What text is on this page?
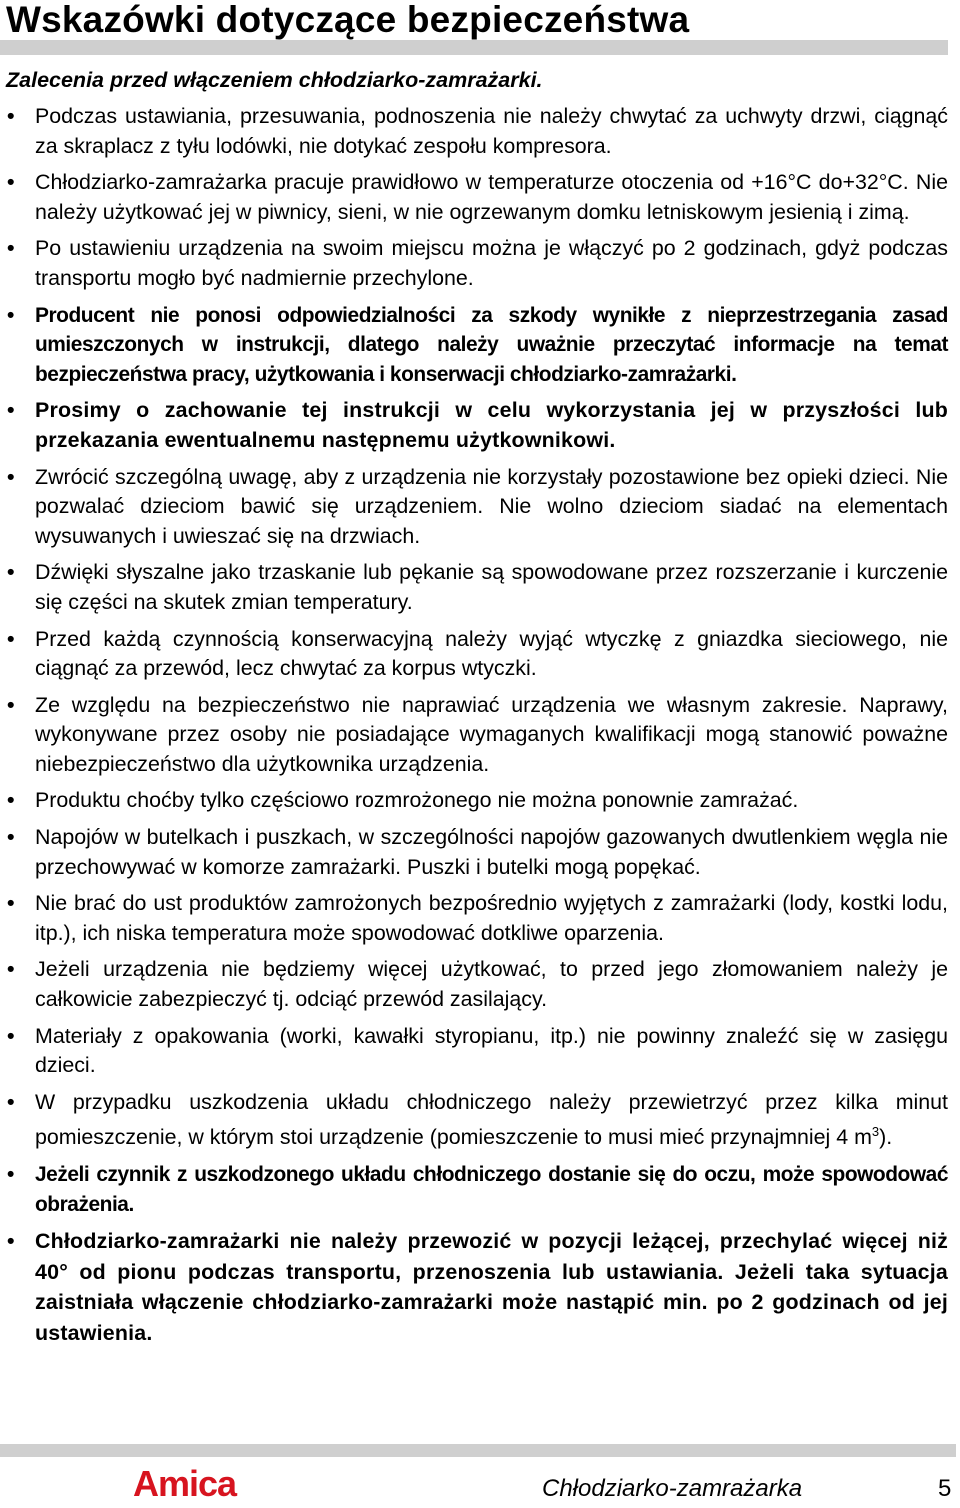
Wskazówki dotyczące bezpieczeństwa
Zalecenia przed włączeniem chłodziarko-zamrażarki.
• Podczas ustawiania, przesuwania, podnoszenia nie należy chwytać za uchwyty drzwi, ciągnąć za skraplacz z tyłu lodówki, nie dotykać zespołu kompresora.
• Chłodziarko-zamrażarka pracuje prawidłowo w temperaturze otoczenia od +16°C do+32°C. Nie należy użytkować jej w piwnicy, sieni, w nie ogrzewanym domku letniskowym jesienią i zimą.
• Po ustawieniu urządzenia na swoim miejscu można je włączyć po 2 godzinach, gdyż podczas transportu mogło być nadmiernie przechylone.
• Producent nie ponosi odpowiedzialności za szkody wynikłe z nieprzestrzegania zasad umieszczonych w instrukcji, dlatego należy uważnie przeczytać informacje na temat bezpieczeństwa pracy, użytkowania i konserwacji chłodziarko-zamrażarki.
• Prosimy o zachowanie tej instrukcji w celu wykorzystania jej w przyszłości lub przekazania ewentualnemu następnemu użytkownikowi.
• Zwrócić szczególną uwagę, aby z urządzenia nie korzystały pozostawione bez opieki dzieci. Nie pozwalać dzieciom bawić się urządzeniem. Nie wolno dzieciom siadać na elementach wysuwanych i uwieszać się na drzwiach.
• Dźwięki słyszalne jako trzaskanie lub pękanie są spowodowane przez rozszerzanie i kurczenie się części na skutek zmian temperatury.
• Przed każdą czynnością konserwacyjną należy wyjąć wtyczkę z gniazdka sieciowego, nie ciągnąć za przewód, lecz chwytać za korpus wtyczki.
• Ze względu na bezpieczeństwo nie naprawiać urządzenia we własnym zakresie. Naprawy, wykonywane przez osoby nie posiadające wymaganych kwalifikacji mogą stanowić poważne niebezpieczeństwo dla użytkownika urządzenia.
• Produktu choćby tylko częściowo rozmrożonego nie można ponownie zamrażać.
• Napojów w butelkach i puszkach, w szczególności napojów gazowanych dwutlenkiem węgla nie przechowywać w komorze zamrażarki. Puszki i butelki mogą popękać.
• Nie brać do ust produktów zamrożonych bezpośrednio wyjętych z zamrażarki (lody, kostki lodu, itp.), ich niska temperatura może spowodować dotkliwe oparzenia.
• Jeżeli urządzenia nie będziemy więcej użytkować, to przed jego złomowaniem należy je całkowicie zabezpieczyć tj. odciąć przewód zasilający.
• Materiały z opakowania (worki, kawałki styropianu, itp.) nie powinny znaleźć się w zasięgu dzieci.
• W przypadku uszkodzenia układu chłodniczego należy przewietrzyć przez kilka minut pomieszczenie, w którym stoi urządzenie (pomieszczenie to musi mieć przynajmniej 4 $m^3$).
• Jeżeli czynnik z uszkodzonego układu chłodniczego dostanie się do oczu, może spowodować obrażenia.
• Chłodziarko-zamrażarki nie należy przewozić w pozycji leżącej, przechylać więcej niż 40° od pionu podczas transportu, przenoszenia lub ustawiania. Jeżeli taka sytuacja zaistniała włączenie chłodziarko-zamrażarki może nastąpić min. po 2 godzinach od jej ustawienia.
Amica	Chłodziarko-zamrażarka	5
